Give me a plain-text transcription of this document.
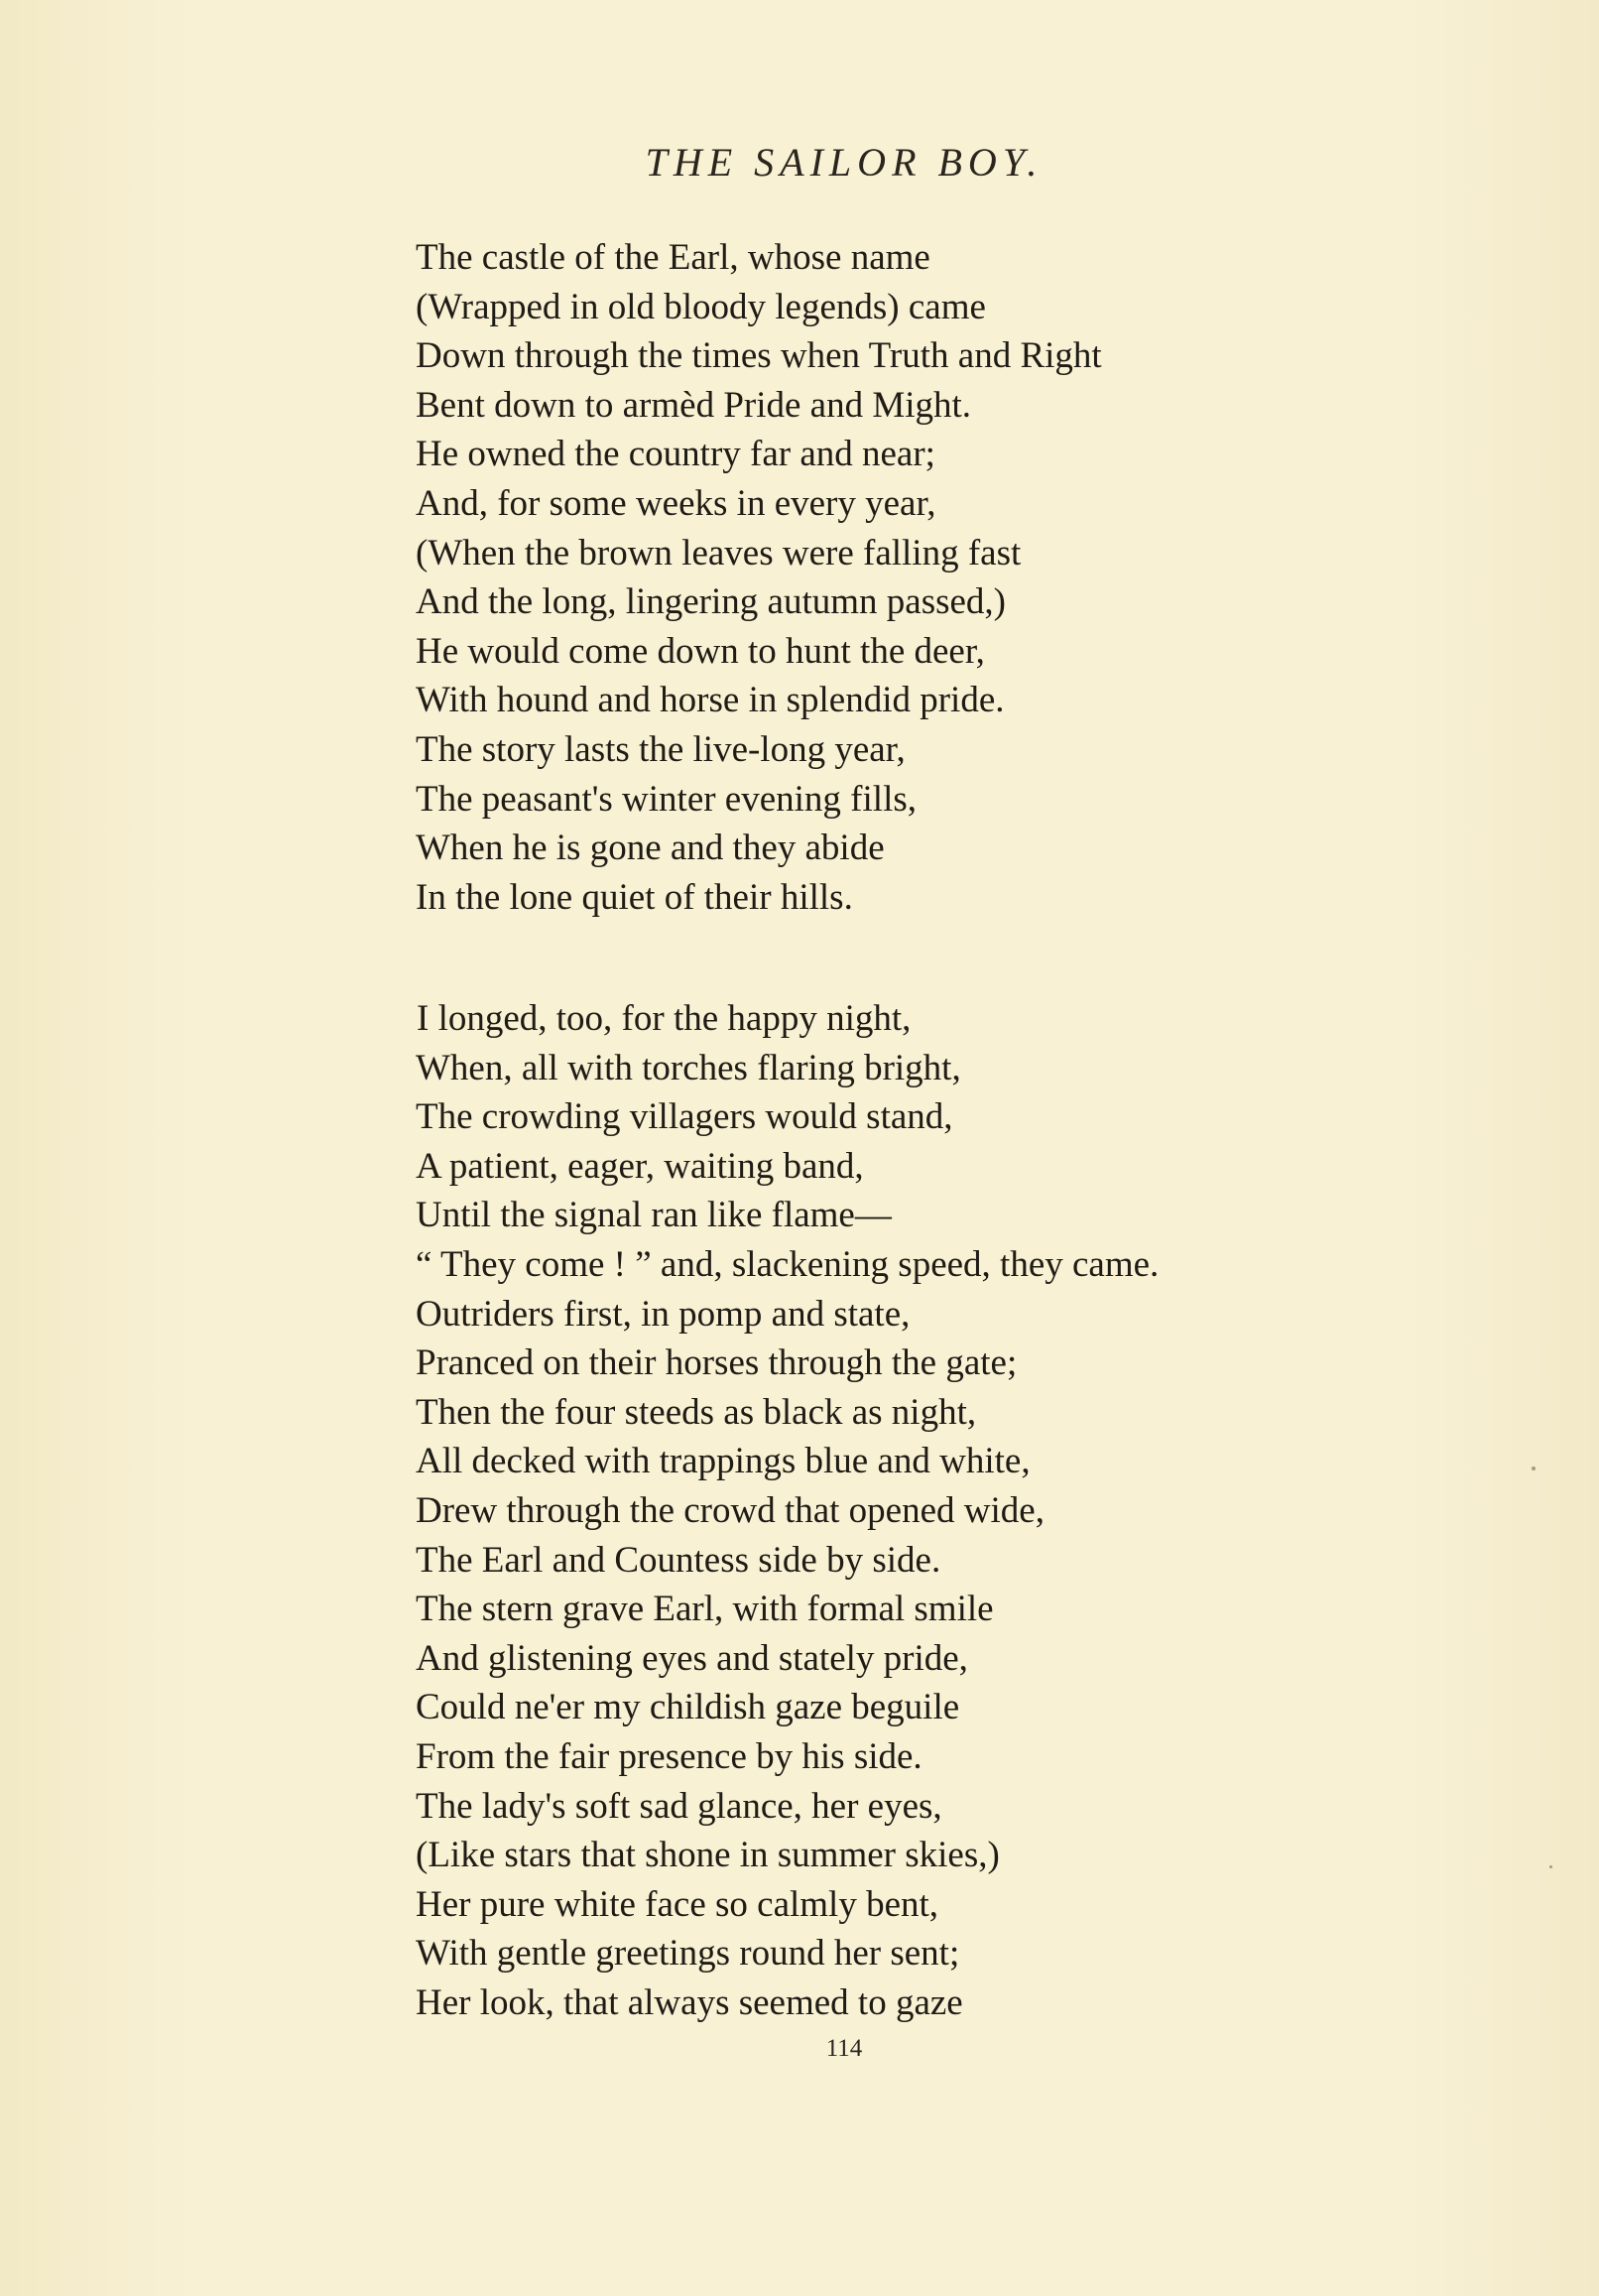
THE SAILOR BOY.
The castle of the Earl, whose name
(Wrapped in old bloody legends) came
Down through the times when Truth and Right
Bent down to armèd Pride and Might.
He owned the country far and near;
And, for some weeks in every year,
(When the brown leaves were falling fast
And the long, lingering autumn passed,)
He would come down to hunt the deer,
With hound and horse in splendid pride.
The story lasts the live-long year,
The peasant's winter evening fills,
When he is gone and they abide
In the lone quiet of their hills.
I longed, too, for the happy night,
When, all with torches flaring bright,
The crowding villagers would stand,
A patient, eager, waiting band,
Until the signal ran like flame—
“ They come ! ” and, slackening speed, they came.
Outriders first, in pomp and state,
Pranced on their horses through the gate;
Then the four steeds as black as night,
All decked with trappings blue and white,
Drew through the crowd that opened wide,
The Earl and Countess side by side.
The stern grave Earl, with formal smile
And glistening eyes and stately pride,
Could ne'er my childish gaze beguile
From the fair presence by his side.
The lady's soft sad glance, her eyes,
(Like stars that shone in summer skies,)
Her pure white face so calmly bent,
With gentle greetings round her sent;
Her look, that always seemed to gaze
114
